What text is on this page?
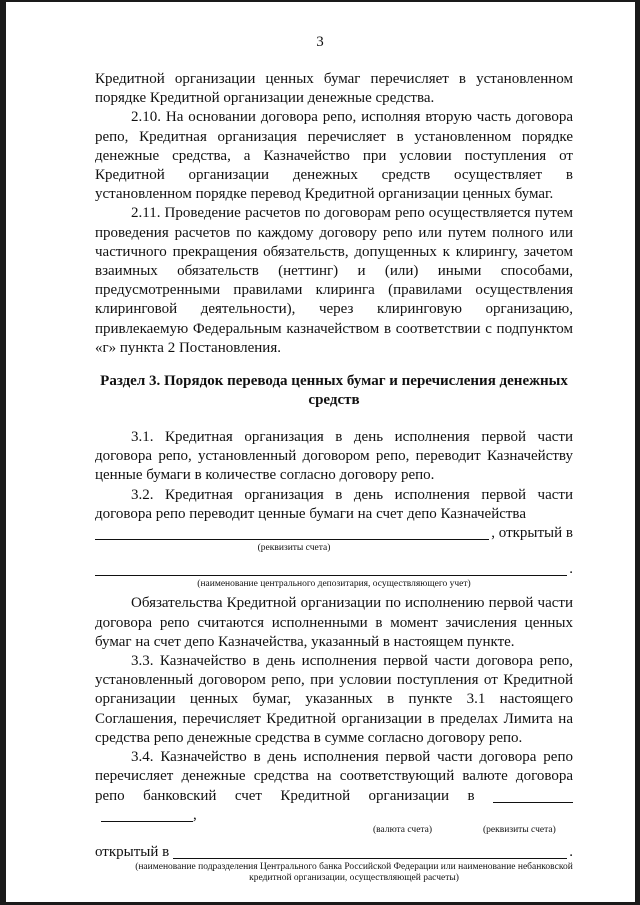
3

Кредитной организации ценных бумаг перечисляет в установленном порядке Кредитной организации денежные средства.

2.10. На основании договора репо, исполняя вторую часть договора репо, Кредитная организация перечисляет в установленном порядке денежные средства, а Казначейство при условии поступления от Кредитной организации денежных средств осуществляет в установленном порядке перевод Кредитной организации ценных бумаг.

2.11. Проведение расчетов по договорам репо осуществляется путем проведения расчетов по каждому договору репо или путем полного или частичного прекращения обязательств, допущенных к клирингу, зачетом взаимных обязательств (неттинг) и (или) иными способами, предусмотренными правилами клиринга (правилами осуществления клиринговой деятельности), через клиринговую организацию, привлекаемую Федеральным казначейством в соответствии с подпунктом «г» пункта 2 Постановления.

Раздел 3. Порядок перевода ценных бумаг и перечисления денежных средств

3.1. Кредитная организация в день исполнения первой части договора репо, установленный договором репо, переводит Казначейству ценные бумаги в количестве согласно договору репо.

3.2. Кредитная организация в день исполнения первой части договора репо переводит ценные бумаги на счет депо Казначейства

, открытый в
(реквизиты счета)
.
(наименование центрального депозитария, осуществляющего учет)

Обязательства Кредитной организации по исполнению первой части договора репо считаются исполненными в момент зачисления ценных бумаг на счет депо Казначейства, указанный в настоящем пункте.

3.3. Казначейство в день исполнения первой части договора репо, установленный договором репо, при условии поступления от Кредитной организации ценных бумаг, указанных в пункте 3.1 настоящего Соглашения, перечисляет Кредитной организации в пределах Лимита на средства репо денежные средства в сумме согласно договору репо.

3.4. Казначейство в день исполнения первой части договора репо перечисляет денежные средства на соответствующий валюте договора репо банковский счет Кредитной организации в  ,

(валюта счета)	(реквизиты счета)
открытый в	.
(наименование подразделения Центрального банка Российской Федерации или наименование небанковской кредитной организации, осуществляющей расчеты)
